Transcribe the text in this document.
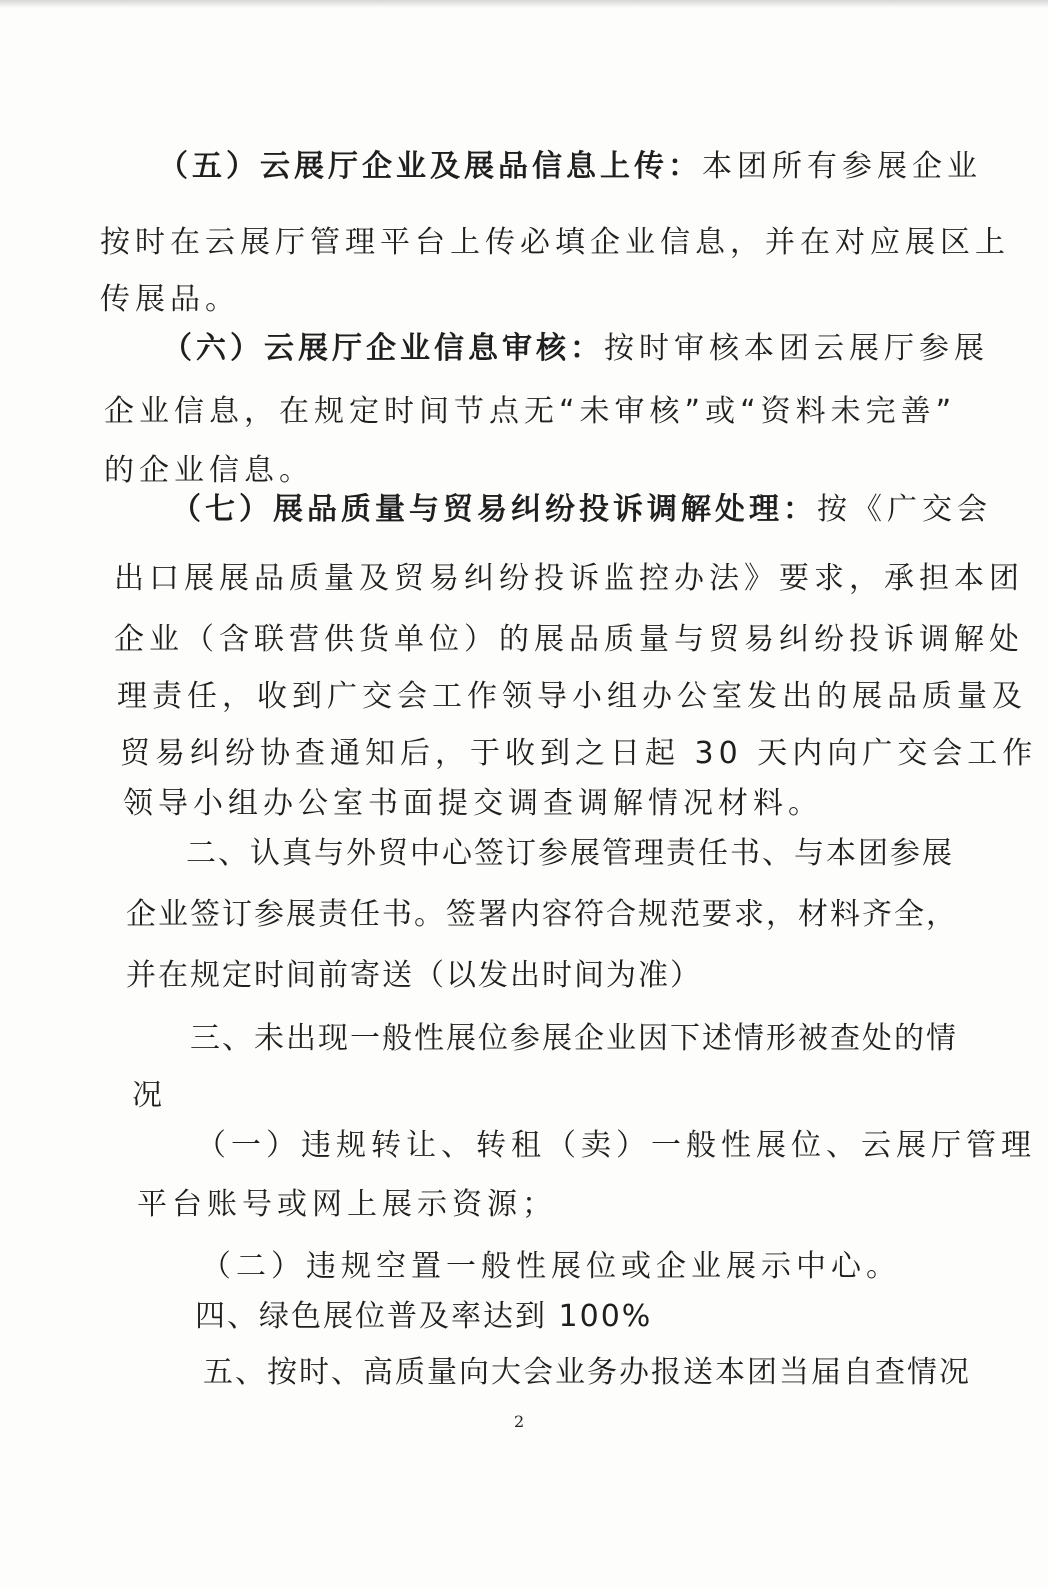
（五）云展厅企业及展品信息上传：本团所有参展企业
按时在云展厅管理平台上传必填企业信息，并在对应展区上
传展品。
（六）云展厅企业信息审核：按时审核本团云展厅参展
企业信息，在规定时间节点无“未审核”或“资料未完善”
的企业信息。
（七）展品质量与贸易纠纷投诉调解处理：按《广交会
出口展展品质量及贸易纠纷投诉监控办法》要求，承担本团
企业（含联营供货单位）的展品质量与贸易纠纷投诉调解处
理责任，收到广交会工作领导小组办公室发出的展品质量及
贸易纠纷协查通知后，于收到之日起 30 天内向广交会工作
领导小组办公室书面提交调查调解情况材料。
二、认真与外贸中心签订参展管理责任书、与本团参展
企业签订参展责任书。签署内容符合规范要求，材料齐全，
并在规定时间前寄送（以发出时间为准）
三、未出现一般性展位参展企业因下述情形被查处的情
况
（一）违规转让、转租（卖）一般性展位、云展厅管理
平台账号或网上展示资源；
（二）违规空置一般性展位或企业展示中心。
四、绿色展位普及率达到 100%
五、按时、高质量向大会业务办报送本团当届自查情况
2
